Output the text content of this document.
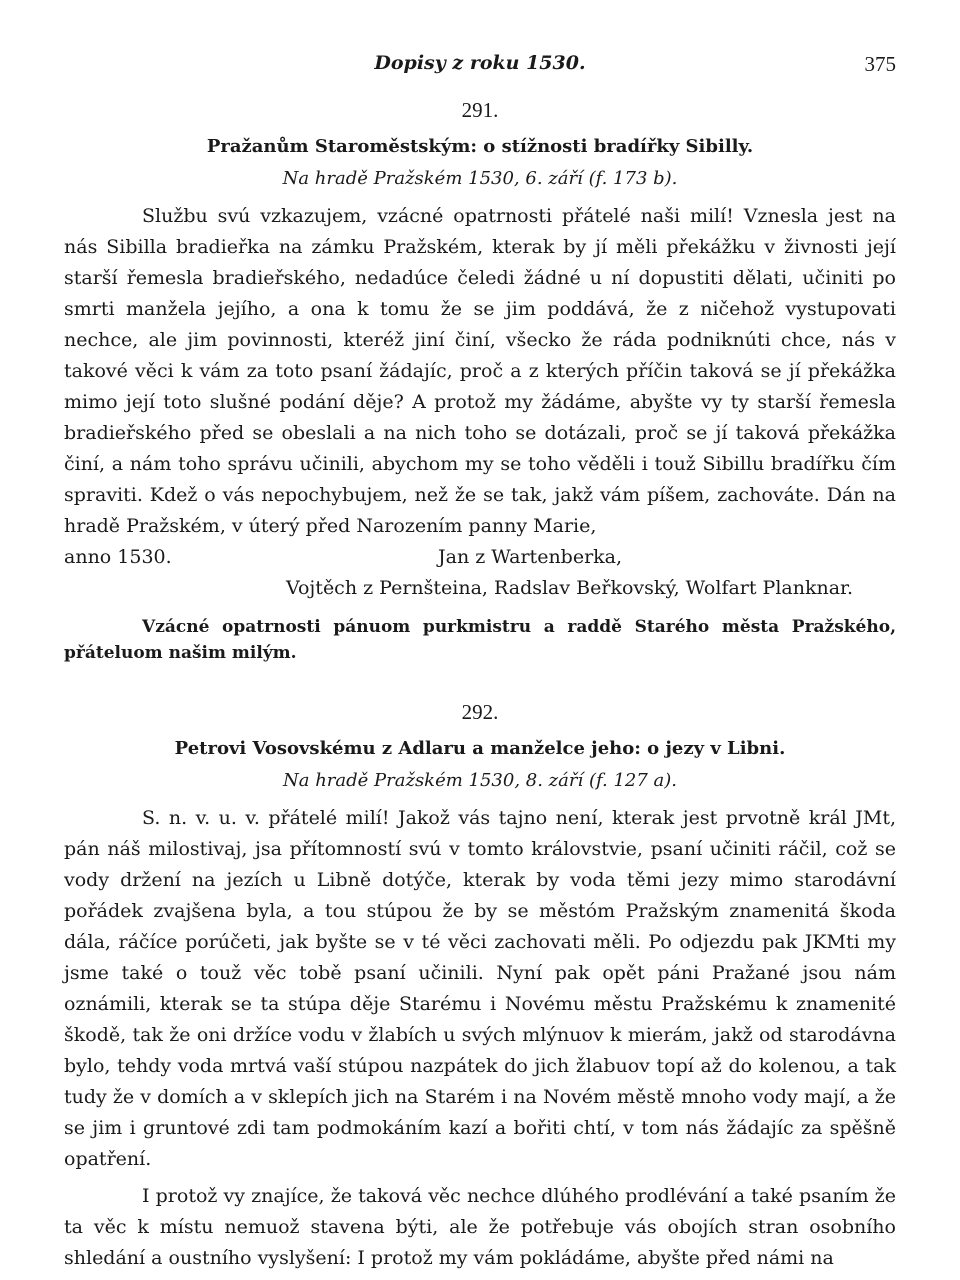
Dopisy z roku 1530.	375
291.
Pražanům Staroměstským: o stížnosti bradířky Sibilly.
Na hradě Pražském 1530, 6. září (f. 173 b).

Službu svú vzkazujem, vzácné opatrnosti přátelé naši milí! Vznesla jest na nás Sibilla bradieřka na zámku Pražském, kterak by jí měli překážku v živnosti její starší řemesla bradieřského, nedadúce čeledi žádné u ní dopustiti dělati, učiniti po smrti manžela jejího, a ona k tomu že se jim poddává, že z ničehož vystupovati nechce, ale jim povinnosti, kteréž jiní činí, všecko že ráda podniknúti chce, nás v takové věci k vám za toto psaní žádajíc, proč a z kterých příčin taková se jí překážka mimo její toto slušné podání děje? A protož my žádáme, abyšte vy ty starší řemesla bradieřského před se obeslali a na nich toho se dotázali, proč se jí taková překážka činí, a nám toho správu učinili, abychom my se toho věděli i touž Sibillu bradířku čím spraviti. Kdež o vás nepochybujem, než že se tak, jakž vám píšem, zachováte. Dán na hradě Pražském, v úterý před Narozením panny Marie,

anno 1530.	Jan z Wartenberka,
Vojtěch z Pernšteina, Radslav Beřkovský, Wolfart Planknar.

Vzácné opatrnosti pánuom purkmistru a raddě Starého města Pražského, přáteluom našim milým.

292.
Petrovi Vosovskému z Adlaru a manželce jeho: o jezy v Libni.
Na hradě Pražském 1530, 8. září (f. 127 a).

S. n. v. u. v. přátelé milí! Jakož vás tajno není, kterak jest prvotně král JMt, pán náš milostivaj, jsa přítomností svú v tomto královstvie, psaní učiniti ráčil, což se vody držení na jezích u Libně dotýče, kterak by voda těmi jezy mimo starodávní pořádek zvajšena byla, a tou stúpou že by se městóm Pražským znamenitá škoda dála, ráčíce porúčeti, jak byšte se v té věci zachovati měli. Po odjezdu pak JKMti my jsme také o touž věc tobě psaní učinili. Nyní pak opět páni Pražané jsou nám oznámili, kterak se ta stúpa děje Starému i Novému městu Pražskému k znamenité škodě, tak že oni držíce vodu v žlabích u svých mlýnuov k mierám, jakž od starodávna bylo, tehdy voda mrtvá vaší stúpou nazpátek do jich žlabuov topí až do kolenou, a tak tudy že v domích a v sklepích jich na Starém i na Novém městě mnoho vody mají, a že se jim i gruntové zdi tam podmokáním kazí a bořiti chtí, v tom nás žádajíc za spěšně opatření.

I protož vy znajíce, že taková věc nechce dlúhého prodlévání a také psaním že ta věc k místu nemuož stavena býti, ale že potřebuje vás obojích stran osobního shledání a oustního vyslyšení: I protož my vám pokládáme, abyšte před námi na
